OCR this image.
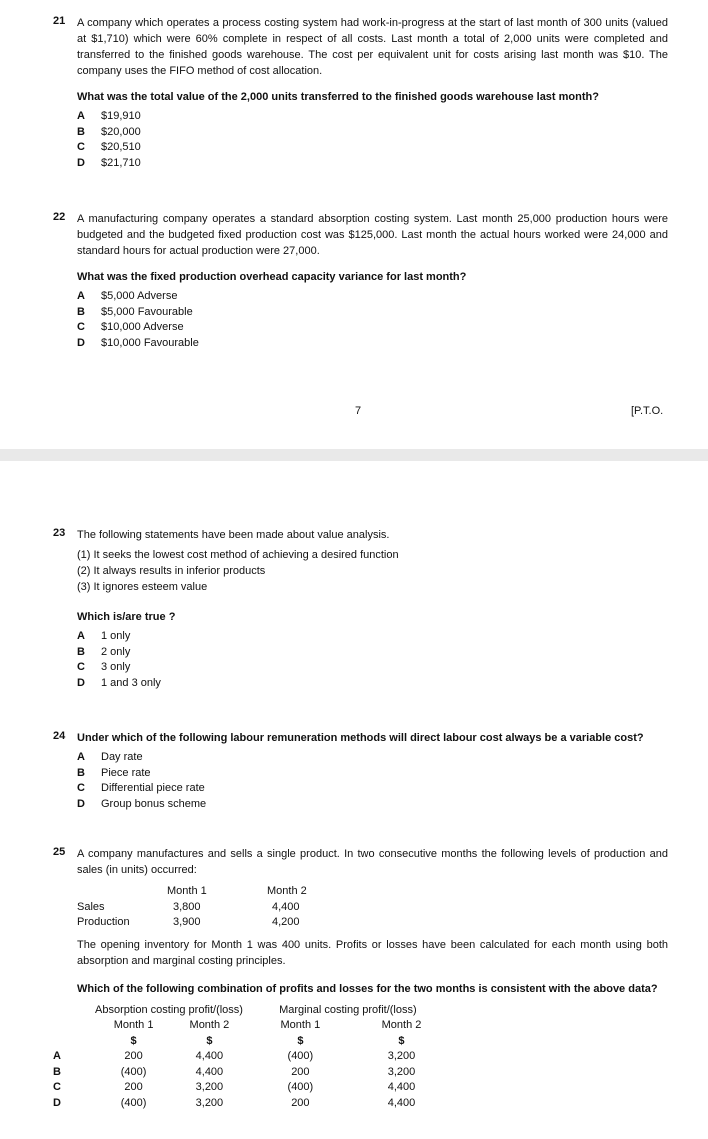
21 A company which operates a process costing system had work-in-progress at the start of last month of 300 units (valued at $1,710) which were 60% complete in respect of all costs. Last month a total of 2,000 units were completed and transferred to the finished goods warehouse. The cost per equivalent unit for costs arising last month was $10. The company uses the FIFO method of cost allocation.
What was the total value of the 2,000 units transferred to the finished goods warehouse last month?
A	$19,910
B	$20,000
C	$20,510
D	$21,710
22 A manufacturing company operates a standard absorption costing system. Last month 25,000 production hours were budgeted and the budgeted fixed production cost was $125,000. Last month the actual hours worked were 24,000 and standard hours for actual production were 27,000.
What was the fixed production overhead capacity variance for last month?
A	$5,000 Adverse
B	$5,000 Favourable
C	$10,000 Adverse
D	$10,000 Favourable
7	[P.T.O.
23 The following statements have been made about value analysis.
(1) It seeks the lowest cost method of achieving a desired function
(2) It always results in inferior products
(3) It ignores esteem value
Which is/are true ?
A	1 only
B	2 only
C	3 only
D	1 and 3 only
24 Under which of the following labour remuneration methods will direct labour cost always be a variable cost?
A	Day rate
B	Piece rate
C	Differential piece rate
D	Group bonus scheme
25 A company manufactures and sells a single product. In two consecutive months the following levels of production and sales (in units) occurred:
	Month 1	Month 2
Sales	3,800	4,400
Production	3,900	4,200
The opening inventory for Month 1 was 400 units. Profits or losses have been calculated for each month using both absorption and marginal costing principles.
Which of the following combination of profits and losses for the two months is consistent with the above data?
	Absorption costing profit/(loss)	Marginal costing profit/(loss)
	Month 1	Month 2	Month 1	Month 2
	$	$	$	$
A	200	4,400	(400)	3,200
B	(400)	4,400	200	3,200
C	200	3,200	(400)	4,400
D	(400)	3,200	200	4,400
